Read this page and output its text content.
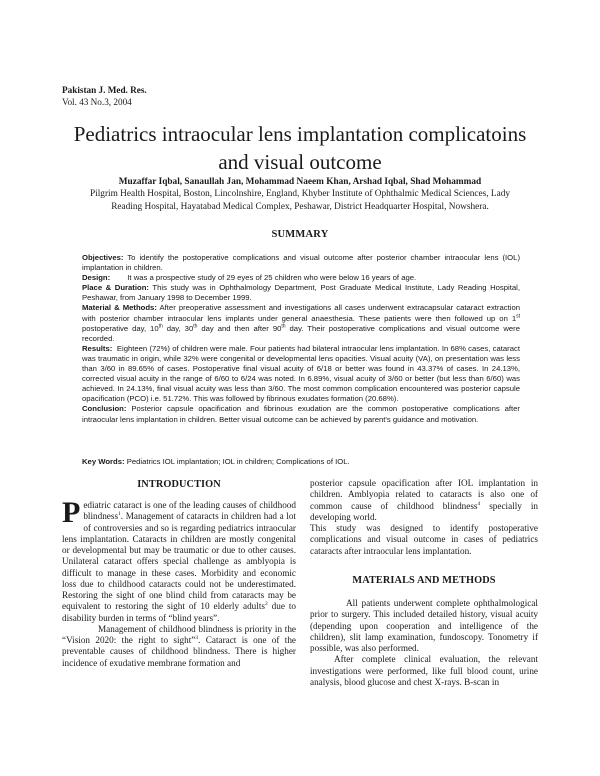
Pakistan J. Med. Res.
Vol. 43 No.3, 2004
Pediatrics intraocular lens implantation complicatoins and visual outcome
Muzaffar Iqbal, Sanaullah Jan, Mohammad Naeem Khan, Arshad Iqbal, Shad Mohammad
Pilgrim Health Hospital, Boston, Lincolnshire, England, Khyber Institute of Ophthalmic Medical Sciences, Lady Reading Hospital, Hayatabad Medical Complex, Peshawar, District Headquarter Hospital, Nowshera.
SUMMARY

Objectives: To identify the postoperative complications and visual outcome after posterior chamber intraocular lens (IOL) implantation in children.

Design: It was a prospective study of 29 eyes of 25 children who were below 16 years of age.

Place & Duration: This study was in Ophthalmology Department, Post Graduate Medical Institute, Lady Reading Hospital, Peshawar, from January 1998 to December 1999.

Material & Methods: After preoperative assessment and investigations all cases underwent extracapsular cataract extraction with posterior chamber intraocular lens implants under general anaesthesia. These patients were then followed up on 1st postoperative day, 10th day, 30th day and then after 90th day. Their postoperative complications and visual outcome were recorded.

Results: Eighteen (72%) of children were male. Four patients had bilateral intraocular lens implantation. In 68% cases, cataract was traumatic in origin, while 32% were congenital or developmental lens opacities. Visual acuity (VA), on presentation was less than 3/60 in 89.65% of cases. Postoperative final visual acuity of 6/18 or better was found in 43.37% of cases. In 24.13%, corrected visual acuity in the range of 6/60 to 6/24 was noted. In 6.89%, visual acuity of 3/60 or better (but less than 6/60) was achieved. In 24.13%, final visual acuity was less than 3/60. The most common complication encountered was posterior capsule opacification (PCO) i.e. 51.72%. This was followed by fibrinous exudates formation (20.68%).

Conclusion: Posterior capsule opacification and fibrinous exudation are the common postoperative complications after intraocular lens implantation in children. Better visual outcome can be achieved by parent's guidance and motivation.

Key Words: Pediatrics IOL implantation; IOL in children; Complications of IOL.
INTRODUCTION

Pediatric cataract is one of the leading causes of childhood blindness$^1$. Management of cataracts in children had a lot of controversies and so is regarding pediatrics intraocular lens implantation. Cataracts in children are mostly congenital or developmental but may be traumatic or due to other causes. Unilateral cataract offers special challenge as amblyopia is difficult to manage in these cases. Morbidity and economic loss due to childhood cataracts could not be underestimated. Restoring the sight of one blind child from cataracts may be equivalent to restoring the sight of 10 elderly adults$^2$ due to disability burden in terms of “blind years”.

Management of childhood blindness is priority in the “Vision 2020: the right to sight”$^3$. Cataract is one of the preventable causes of childhood blindness. There is higher incidence of exudative membrane formation and

posterior capsule opacification after IOL implantation in children. Amblyopia related to cataracts is also one of common cause of childhood blindness$^4$ specially in developing world.

This study was designed to identify postoperative complications and visual outcome in cases of pediatrics cataracts after intraocular lens implantation.

MATERIALS AND METHODS

All patients underwent complete ophthalmological prior to surgery. This included detailed history, visual acuity (depending upon cooperation and intelligence of the children), slit lamp examination, fundoscopy. Tonometry if possible, was also performed.

After complete clinical evaluation, the relevant investigations were performed, like full blood count, urine analysis, blood glucose and chest X-rays. B-scan in
